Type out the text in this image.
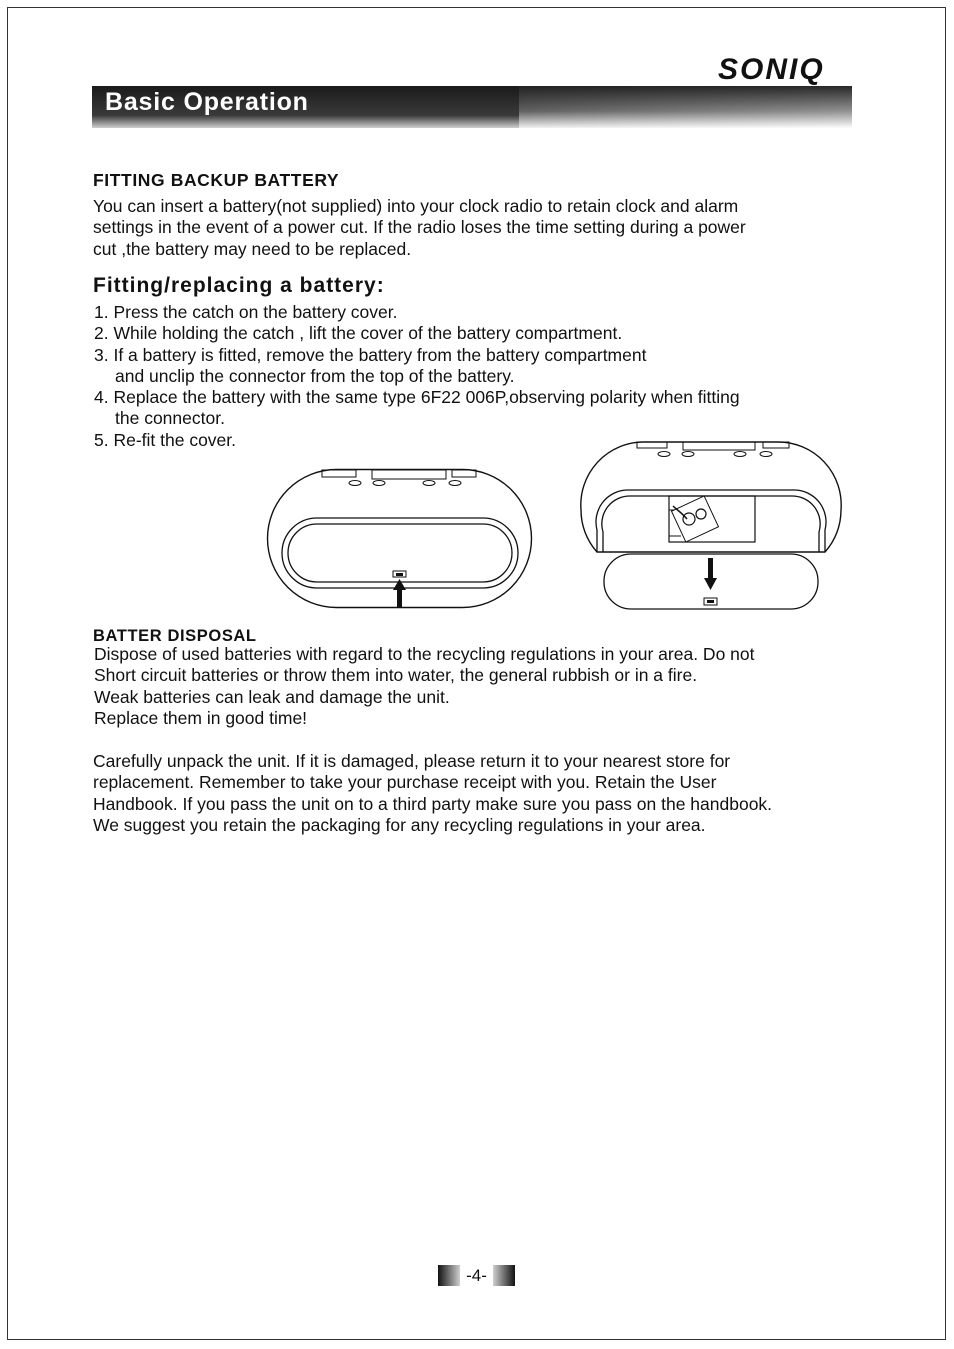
SONIQ
Basic Operation
FITTING BACKUP BATTERY
You can insert a battery(not supplied) into your clock radio to retain clock and alarm
settings in the event of a power cut. If the radio loses the time setting during a power
cut ,the battery may need to be replaced.
Fitting/replacing a battery:
1. Press the catch on the battery cover.
2. While holding the catch , lift the cover of the battery compartment.
3. If a battery is fitted, remove the battery from the battery compartment
and unclip the connector from the top of the battery.
4. Replace the battery with the same type 6F22 006P,observing polarity when fitting
the connector.
5. Re-fit the cover.
BATTER DISPOSAL
Dispose of used batteries with regard to the recycling regulations in your area. Do not
Short circuit batteries or throw them into water, the general rubbish or in a fire.
Weak batteries can leak and damage the unit.
Replace them in good time!
Carefully unpack the unit. If it is damaged, please return it to your nearest store for
replacement. Remember to take your purchase receipt with you. Retain the User
Handbook. If you pass the unit on to a third party make sure you pass on the handbook.
We suggest you retain the packaging for any recycling regulations in your area.
-4-
